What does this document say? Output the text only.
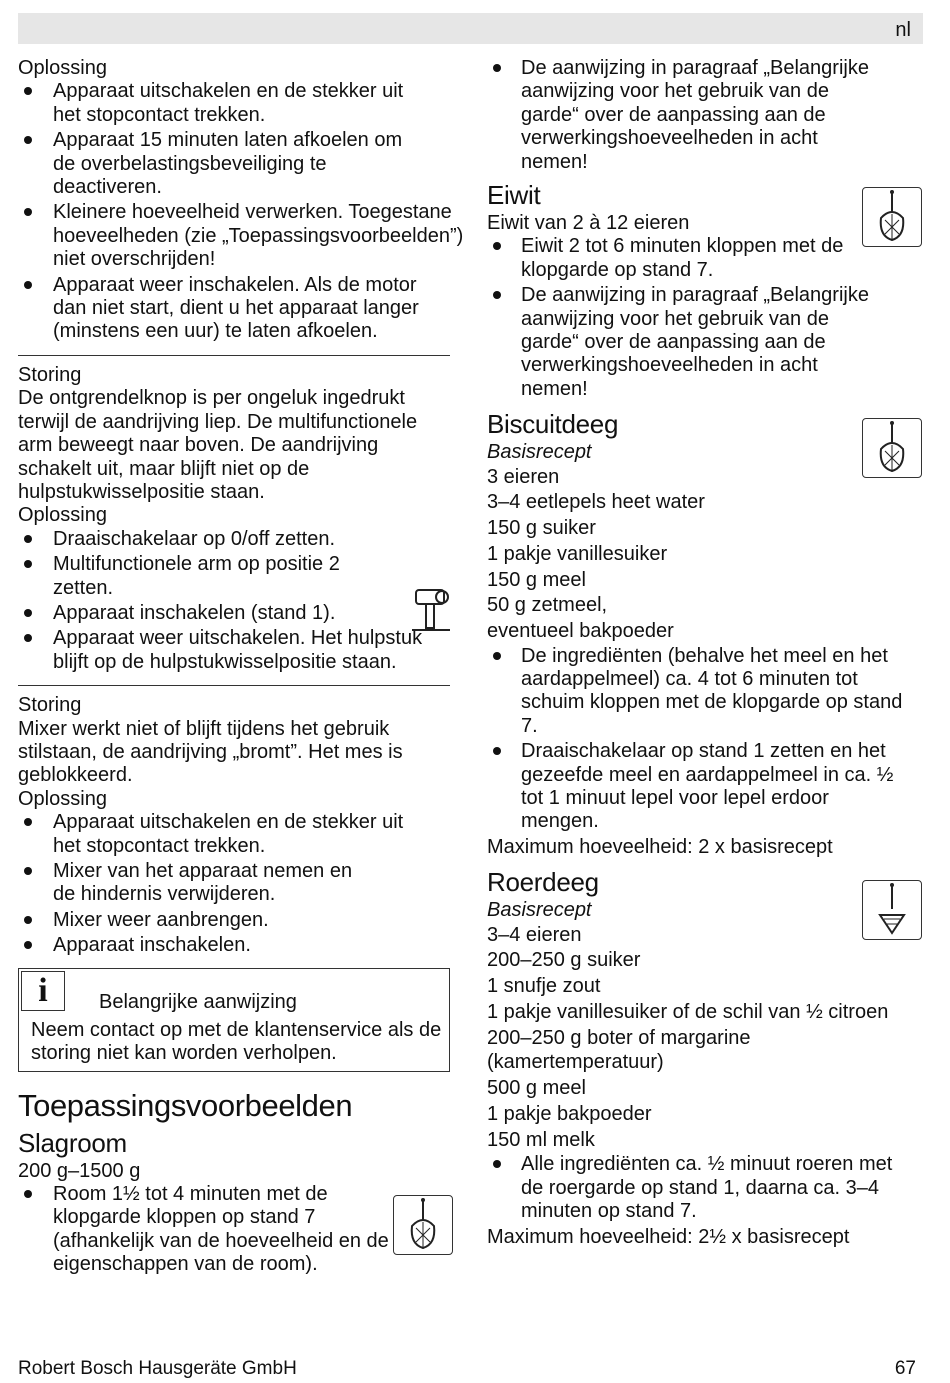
nl

Oplossing

Apparaat uitschakelen en de stekker uit het stopcontact trekken.
Apparaat 15 minuten laten afkoelen om de overbelastingsbeveiliging te deactiveren.
Kleinere hoeveelheid verwerken. Toegestane hoeveelheden (zie „Toepassingsvoorbeelden”) niet overschrijden!
Apparaat weer inschakelen. Als de motor dan niet start, dient u het apparaat langer (minstens een uur) te laten afkoelen.

Storing

De ontgrendelknop is per ongeluk ingedrukt terwijl de aandrijving liep. De multifunctionele arm beweegt naar boven. De aandrijving schakelt uit, maar blijft niet op de hulpstukwisselpositie staan.

Oplossing

Draaischakelaar op 0/off zetten.
Multifunctionele arm op positie 2 zetten.
Apparaat inschakelen (stand 1).
Apparaat weer uitschakelen. Het hulpstuk blijft op de hulpstukwisselpositie staan.

Storing

Mixer werkt niet of blijft tijdens het gebruik stilstaan, de aandrijving „bromt”. Het mes is geblokkeerd.

Oplossing

Apparaat uitschakelen en de stekker uit het stopcontact trekken.
Mixer van het apparaat nemen en de hindernis verwijderen.
Mixer weer aanbrengen.
Apparaat inschakelen.
i	Belangrijke aanwijzing
Neem contact op met de klantenservice als de storing niet kan worden verholpen.
Toepassingsvoorbeelden
Slagroom

200 g–1500 g

Room 1½ tot 4 minuten met de klopgarde kloppen op stand 7 (afhankelijk van de hoeveelheid en de eigenschappen van de room).
De aanwijzing in paragraaf „Belangrijke aanwijzing voor het gebruik van de garde“ over de aanpassing aan de verwerkingshoeveelheden in acht nemen!
Eiwit

Eiwit van 2 à 12 eieren

Eiwit 2 tot 6 minuten kloppen met de klopgarde op stand 7.
De aanwijzing in paragraaf „Belangrijke aanwijzing voor het gebruik van de garde“ over de aanpassing aan de verwerkingshoeveelheden in acht nemen!
Biscuitdeeg

Basisrecept

3 eieren

3–4 eetlepels heet water

150 g suiker

1 pakje vanillesuiker

150 g meel

50 g zetmeel,

eventueel bakpoeder

De ingrediënten (behalve het meel en het aardappelmeel) ca. 4 tot 6 minuten tot schuim kloppen met de klopgarde op stand 7.
Draaischakelaar op stand 1 zetten en het gezeefde meel en aardappelmeel in ca. ½ tot 1 minuut lepel voor lepel erdoor mengen.

Maximum hoeveelheid: 2 x basisrecept

Roerdeeg

Basisrecept

3–4 eieren

200–250 g suiker

1 snufje zout

1 pakje vanillesuiker of de schil van ½ citroen

200–250 g boter of margarine (kamertemperatuur)

500 g meel

1 pakje bakpoeder

150 ml melk

Alle ingrediënten ca. ½ minuut roeren met de roergarde op stand 1, daarna ca. 3–4 minuten op stand 7.

Maximum hoeveelheid: 2½ x basisrecept

Robert Bosch Hausgeräte GmbH	67
